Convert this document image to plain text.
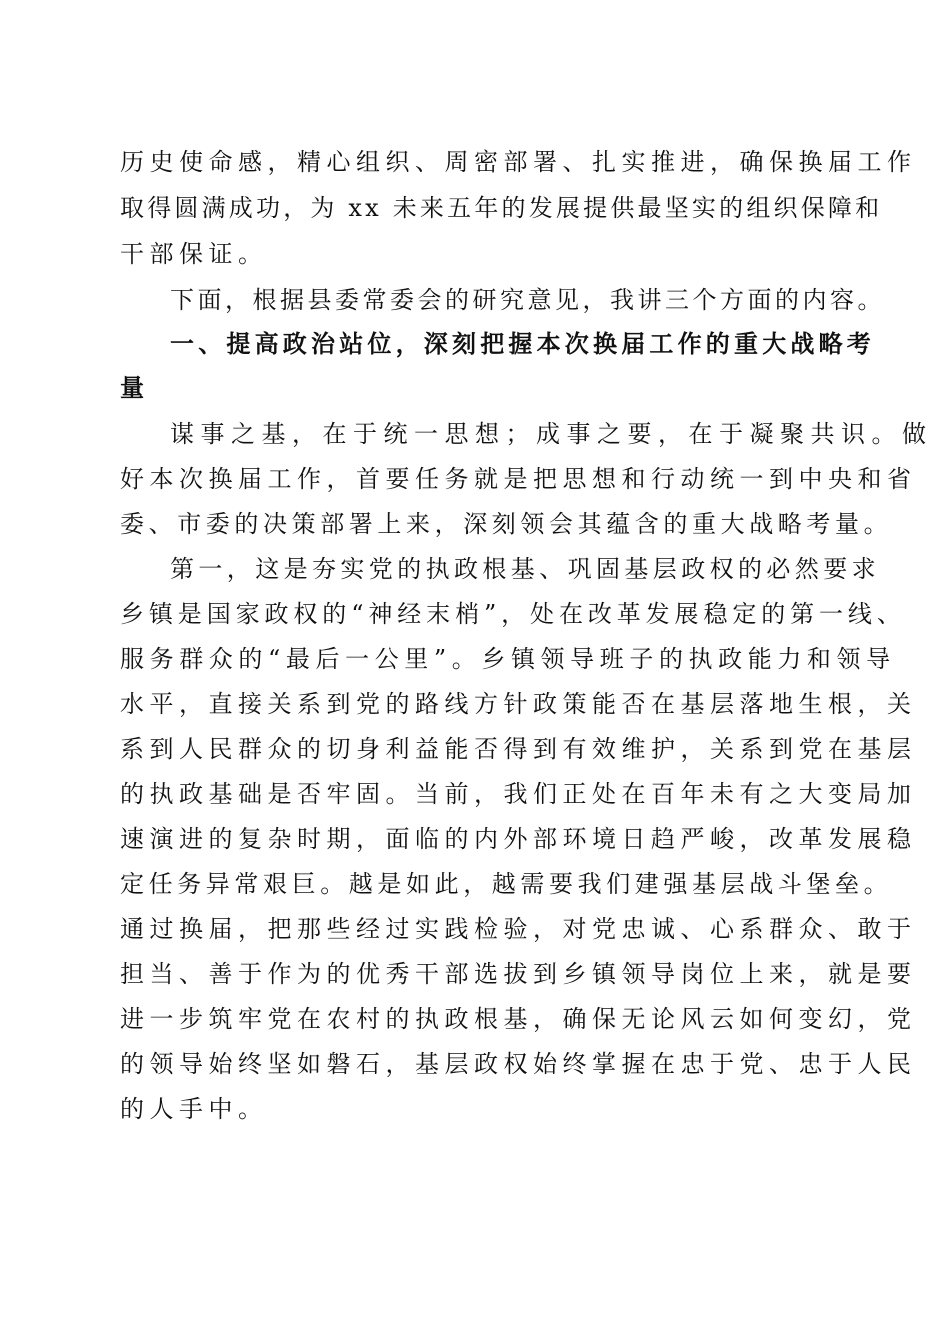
历史使命感，精心组织、周密部署、扎实推进，确保换届工作
取得圆满成功，为 xx 未来五年的发展提供最坚实的组织保障和
干部保证。
下面，根据县委常委会的研究意见，我讲三个方面的内容。
一、提高政治站位，深刻把握本次换届工作的重大战略考
量
谋事之基，在于统一思想；成事之要，在于凝聚共识。做
好本次换届工作，首要任务就是把思想和行动统一到中央和省
委、市委的决策部署上来，深刻领会其蕴含的重大战略考量。
第一，这是夯实党的执政根基、巩固基层政权的必然要求
乡镇是国家政权的“神经末梢”，处在改革发展稳定的第一线、
服务群众的“最后一公里”。乡镇领导班子的执政能力和领导
水平，直接关系到党的路线方针政策能否在基层落地生根，关
系到人民群众的切身利益能否得到有效维护，关系到党在基层
的执政基础是否牢固。当前，我们正处在百年未有之大变局加
速演进的复杂时期，面临的内外部环境日趋严峻，改革发展稳
定任务异常艰巨。越是如此，越需要我们建强基层战斗堡垒。
通过换届，把那些经过实践检验，对党忠诚、心系群众、敢于
担当、善于作为的优秀干部选拔到乡镇领导岗位上来，就是要
进一步筑牢党在农村的执政根基，确保无论风云如何变幻，党
的领导始终坚如磐石，基层政权始终掌握在忠于党、忠于人民
的人手中。
